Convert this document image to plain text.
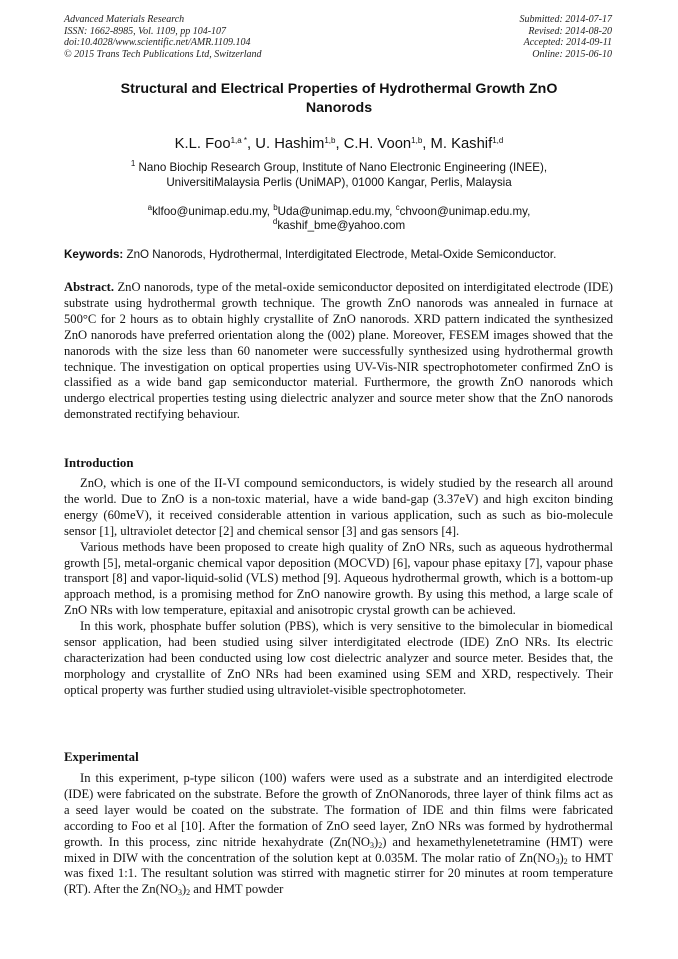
Advanced Materials Research
ISSN: 1662-8985, Vol. 1109, pp 104-107
doi:10.4028/www.scientific.net/AMR.1109.104
© 2015 Trans Tech Publications Ltd, Switzerland
Submitted: 2014-07-17
Revised: 2014-08-20
Accepted: 2014-09-11
Online: 2015-06-10
Structural and Electrical Properties of Hydrothermal Growth ZnO Nanorods
K.L. Foo$^{1,a *}$, U. Hashim$^{1,b}$, C.H. Voon$^{1,b}$, M. Kashif$^{1,d}$
$^1$ Nano Biochip Research Group, Institute of Nano Electronic Engineering (INEE),
UniversitiMalaysia Perlis (UniMAP), 01000 Kangar, Perlis, Malaysia
$^a$klfoo@unimap.edu.my, $^b$Uda@unimap.edu.my, $^c$chvoon@unimap.edu.my,
$^d$kashif_bme@yahoo.com
Keywords: ZnO Nanorods, Hydrothermal, Interdigitated Electrode, Metal-Oxide Semiconductor.

Abstract. ZnO nanorods, type of the metal-oxide semiconductor deposited on interdigitated electrode (IDE) substrate using hydrothermal growth technique. The growth ZnO nanorods was annealed in furnace at 500°C for 2 hours as to obtain highly crystallite of ZnO nanorods. XRD pattern indicated the synthesized ZnO nanorods have preferred orientation along the (002) plane. Moreover, FESEM images showed that the nanorods with the size less than 60 nanometer were successfully synthesized using hydrothermal growth technique. The investigation on optical properties using UV-Vis-NIR spectrophotometer confirmed ZnO is classified as a wide band gap semiconductor material. Furthermore, the growth ZnO nanorods which undergo electrical properties testing using dielectric analyzer and source meter show that the ZnO nanorods demonstrated rectifying behaviour.

Introduction

ZnO, which is one of the II-VI compound semiconductors, is widely studied by the research all around the world. Due to ZnO is a non-toxic material, have a wide band-gap (3.37eV) and high exciton binding energy (60meV), it received considerable attention in various application, such as such as bio-molecule sensor [1], ultraviolet detector [2] and chemical sensor [3] and gas sensors [4].

Various methods have been proposed to create high quality of ZnO NRs, such as aqueous hydrothermal growth [5], metal-organic chemical vapor deposition (MOCVD) [6], vapour phase epitaxy [7], vapour phase transport [8] and vapor-liquid-solid (VLS) method [9]. Aqueous hydrothermal growth, which is a bottom-up approach method, is a promising method for ZnO nanowire growth. By using this method, a large scale of ZnO NRs with low temperature, epitaxial and anisotropic crystal growth can be achieved.

In this work, phosphate buffer solution (PBS), which is very sensitive to the bimolecular in biomedical sensor application, had been studied using silver interdigitated electrode (IDE) ZnO NRs. Its electric characterization had been conducted using low cost dielectric analyzer and source meter. Besides that, the morphology and crystallite of ZnO NRs had been examined using SEM and XRD, respectively. Their optical property was further studied using ultraviolet-visible spectrophotometer.

Experimental

In this experiment, p-type silicon (100) wafers were used as a substrate and an interdigited electrode (IDE) were fabricated on the substrate. Before the growth of ZnONanorods, three layer of think films act as a seed layer would be coated on the substrate. The formation of IDE and thin films were fabricated according to Foo et al [10]. After the formation of ZnO seed layer, ZnO NRs was formed by hydrothermal growth. In this process, zinc nitride hexahydrate $(Zn(NO_3)_2)$ and hexamethylenetetramine (HMT) were mixed in DIW with the concentration of the solution kept at 0.035M. The molar ratio of $Zn(NO_3)_2$ to HMT was fixed 1:1. The resultant solution was stirred with magnetic stirrer for 20 minutes at room temperature (RT). After the $Zn(NO_3)_2$ and HMT powder
